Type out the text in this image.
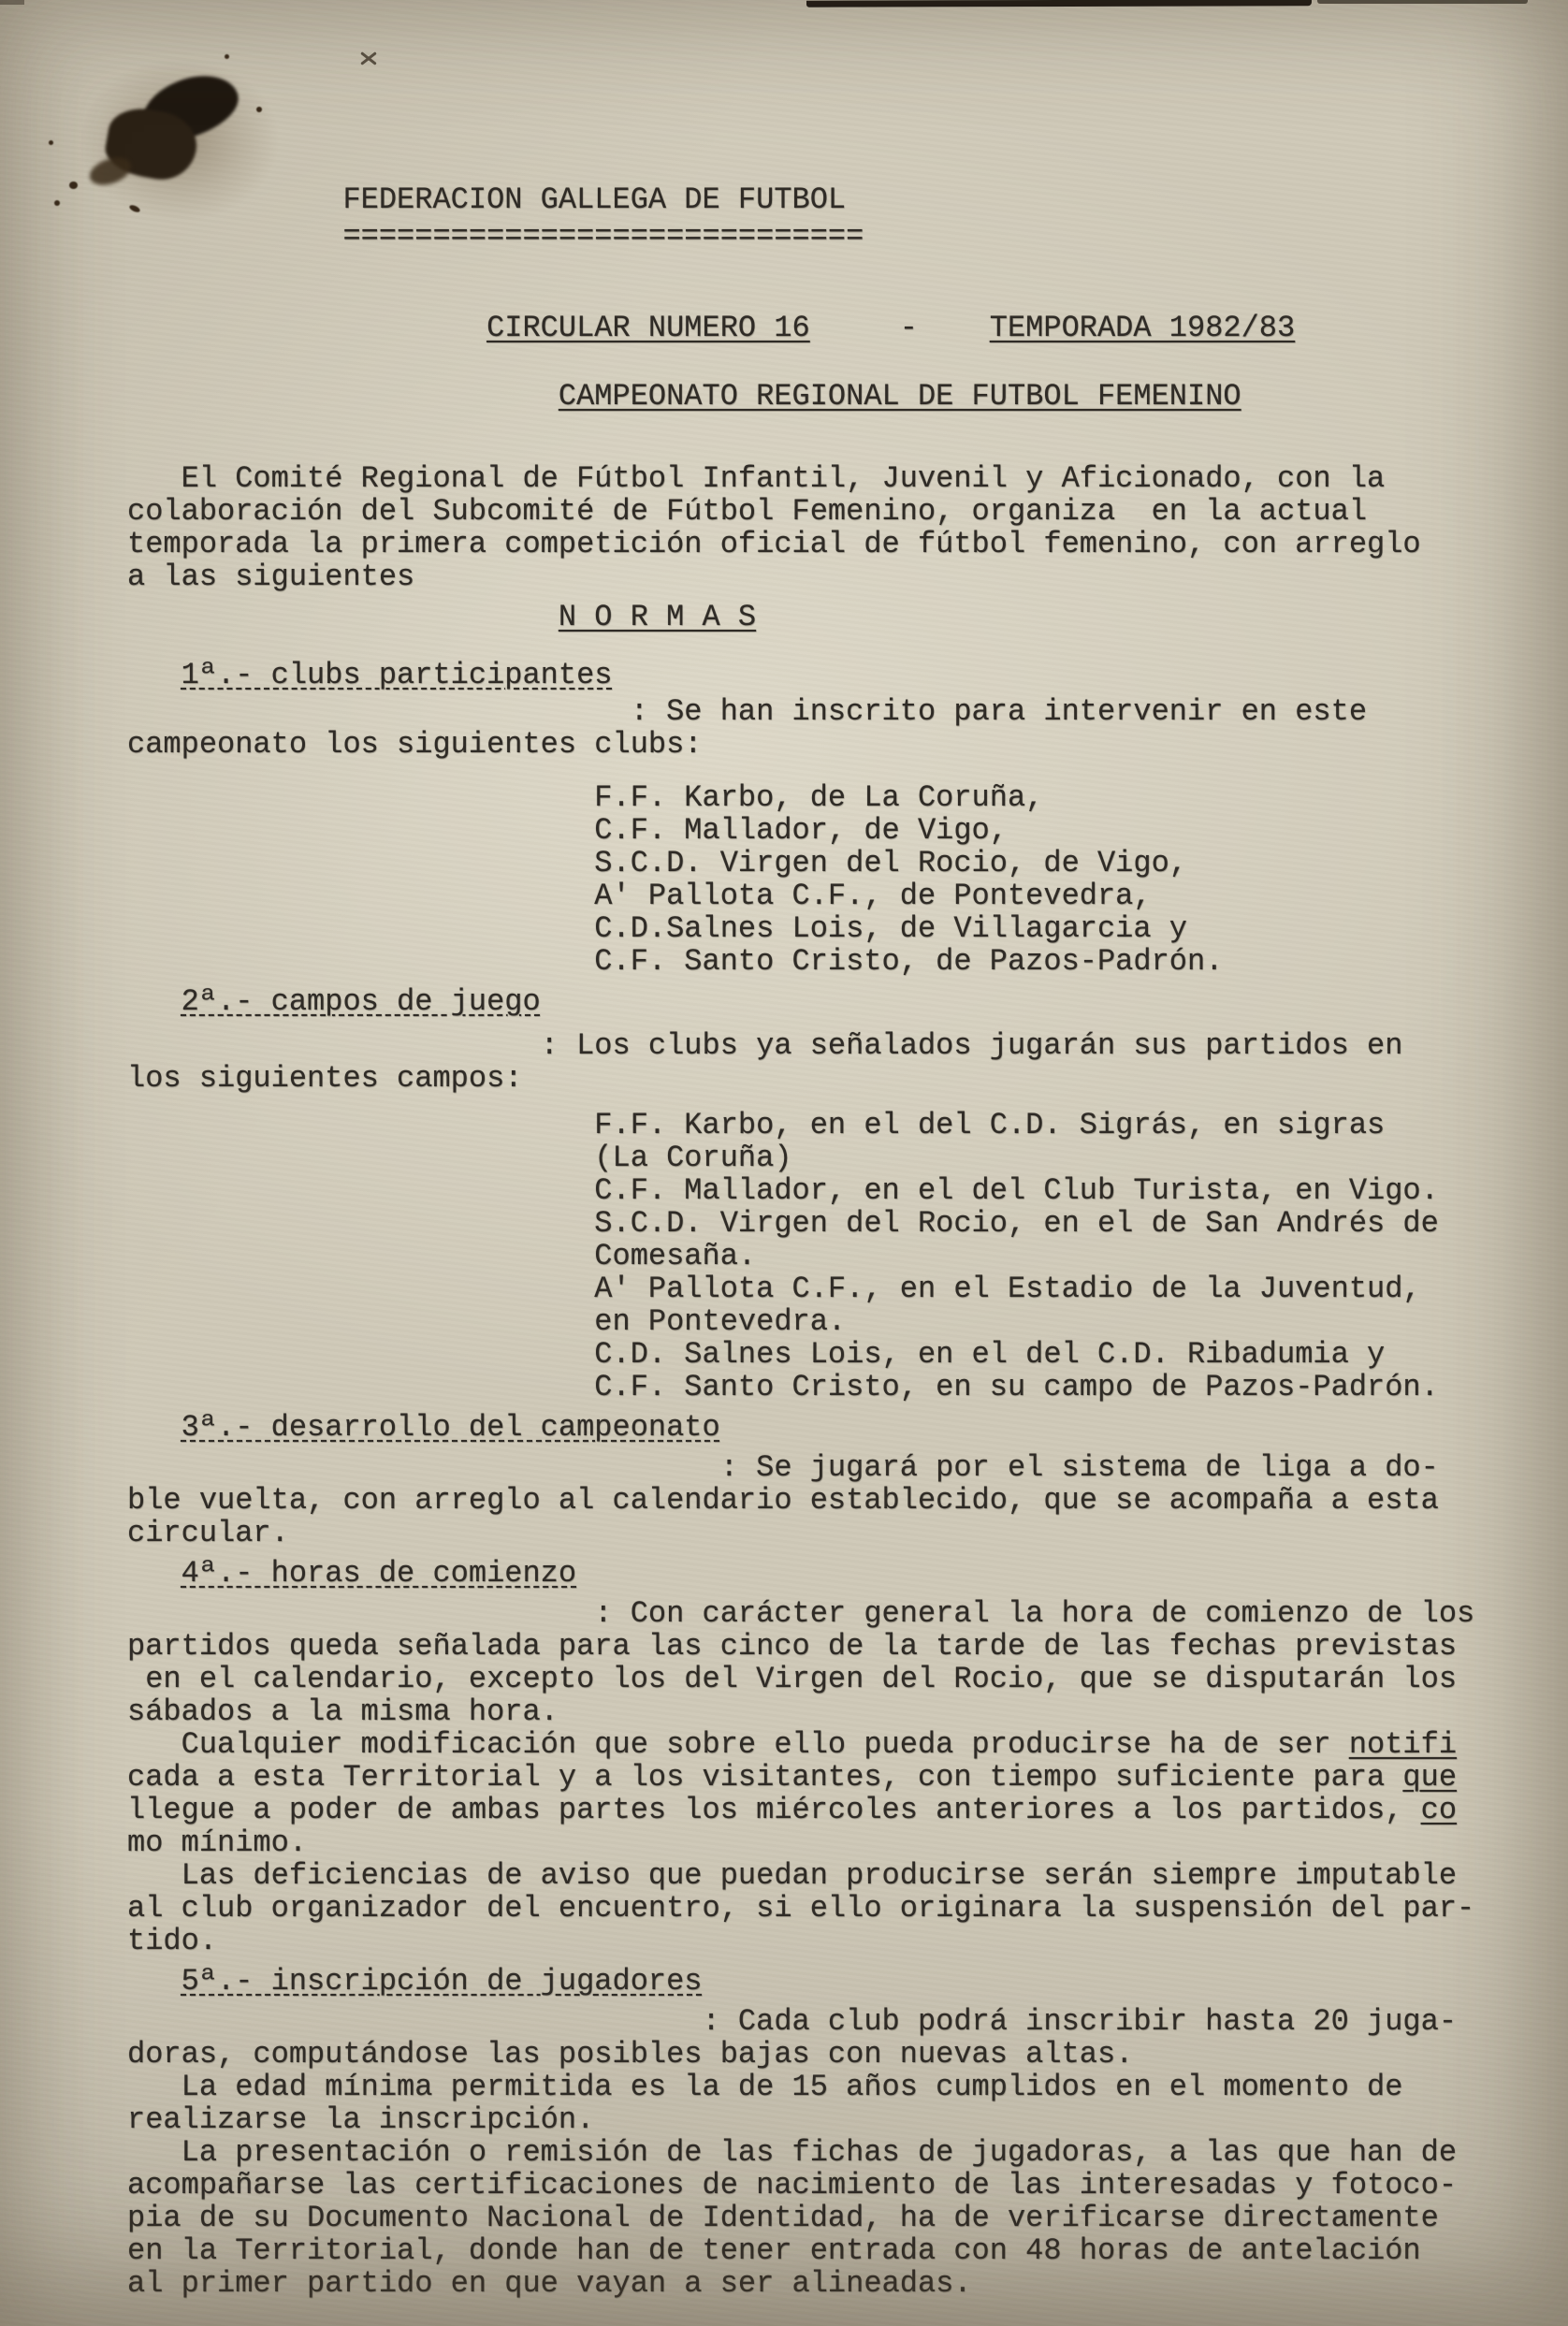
FEDERACION GALLEGA DE FUTBOL
=============================
CIRCULAR NUMERO 16	- TEMPORADA 1982/83
CAMPEONATO REGIONAL DE FUTBOL FEMENINO
El Comité Regional de Fútbol Infantil, Juvenil y Aficionado, con la
colaboración del Subcomité de Fútbol Femenino, organiza  en la actual
temporada la primera competición oficial de fútbol femenino, con arreglo
a las siguientes
N O R M A S
1ª.- clubs participantes
: Se han inscrito para intervenir en este
campeonato los siguientes clubs:
F.F. Karbo, de La Coruña,
C.F. Mallador, de Vigo,
S.C.D. Virgen del Rocio, de Vigo,
A' Pallota C.F., de Pontevedra,
C.D.Salnes Lois, de Villagarcia y
C.F. Santo Cristo, de Pazos-Padrón.
2ª.- campos de juego
: Los clubs ya señalados jugarán sus partidos en
los siguientes campos:
F.F. Karbo, en el del C.D. Sigrás, en sigras
(La Coruña)
C.F. Mallador, en el del Club Turista, en Vigo.
S.C.D. Virgen del Rocio, en el de San Andrés de
Comesaña.
A' Pallota C.F., en el Estadio de la Juventud,
en Pontevedra.
C.D. Salnes Lois, en el del C.D. Ribadumia y
C.F. Santo Cristo, en su campo de Pazos-Padrón.
3ª.- desarrollo del campeonato
: Se jugará por el sistema de liga a do-
ble vuelta, con arreglo al calendario establecido, que se acompaña a esta
circular.
4ª.- horas de comienzo
: Con carácter general la hora de comienzo de los
partidos queda señalada para las cinco de la tarde de las fechas previstas
en el calendario, excepto los del Virgen del Rocio, que se disputarán los
sábados a la misma hora.
Cualquier modificación que sobre ello pueda producirse ha de ser notifi
cada a esta Territorial y a los visitantes, con tiempo suficiente para que
llegue a poder de ambas partes los miércoles anteriores a los partidos, co
mo mínimo.
Las deficiencias de aviso que puedan producirse serán siempre imputable
al club organizador del encuentro, si ello originara la suspensión del par-
tido.
5ª.- inscripción de jugadores
: Cada club podrá inscribir hasta 20 juga-
doras, computándose las posibles bajas con nuevas altas.
La edad mínima permitida es la de 15 años cumplidos en el momento de
realizarse la inscripción.
La presentación o remisión de las fichas de jugadoras, a las que han de
acompañarse las certificaciones de nacimiento de las interesadas y fotoco-
pia de su Documento Nacional de Identidad, ha de verificarse directamente
en la Territorial, donde han de tener entrada con 48 horas de antelación
al primer partido en que vayan a ser alineadas.
